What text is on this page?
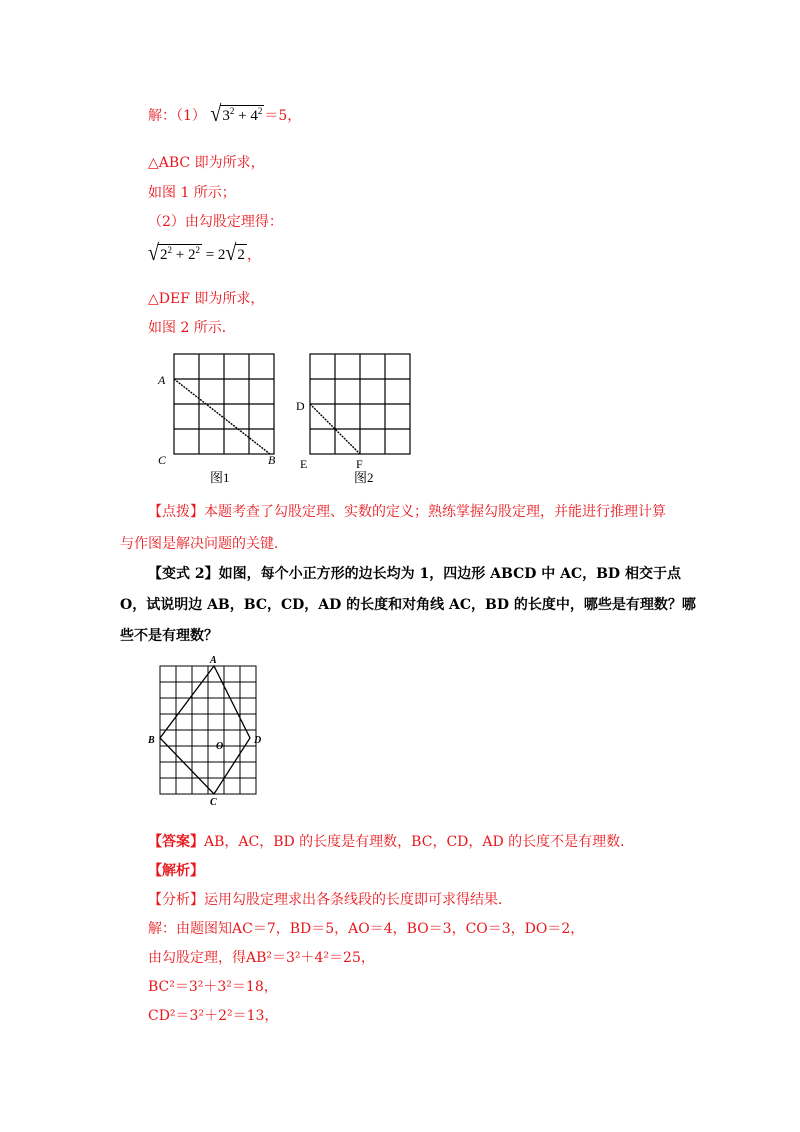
解：（1） $√3^2 + 4^2 =5$，
△ABC 即为所求，
如图 1 所示；
（2）由勾股定理得：
$√2^2 + 2^2 = 2√2$ ，
△DEF 即为所求，
如图 2 所示．
A
C	B
图1
D
E	F
图2
【点拨】本题考查了勾股定理、实数的定义；熟练掌握勾股定理，并能进行推理计算
与作图是解决问题的关键．
【变式 2】如图，每个小正方形的边长均为 1，四边形 ABCD 中 AC，BD 相交于点
O，试说明边 AB，BC，CD，AD 的长度和对角线 AC，BD 的长度中，哪些是有理数？哪
些不是有理数？
A
B
O
D
C
【答案】AB，AC，BD 的长度是有理数，BC，CD，AD 的长度不是有理数．
【解析】
【分析】运用勾股定理求出各条线段的长度即可求得结果．
解：由题图知AC＝7，BD＝5，AO＝4，BO＝3，CO＝3，DO＝2，
由勾股定理，得AB²＝3²＋4²＝25，
BC²＝3²＋3²＝18，
CD²＝3²＋2²＝13，
